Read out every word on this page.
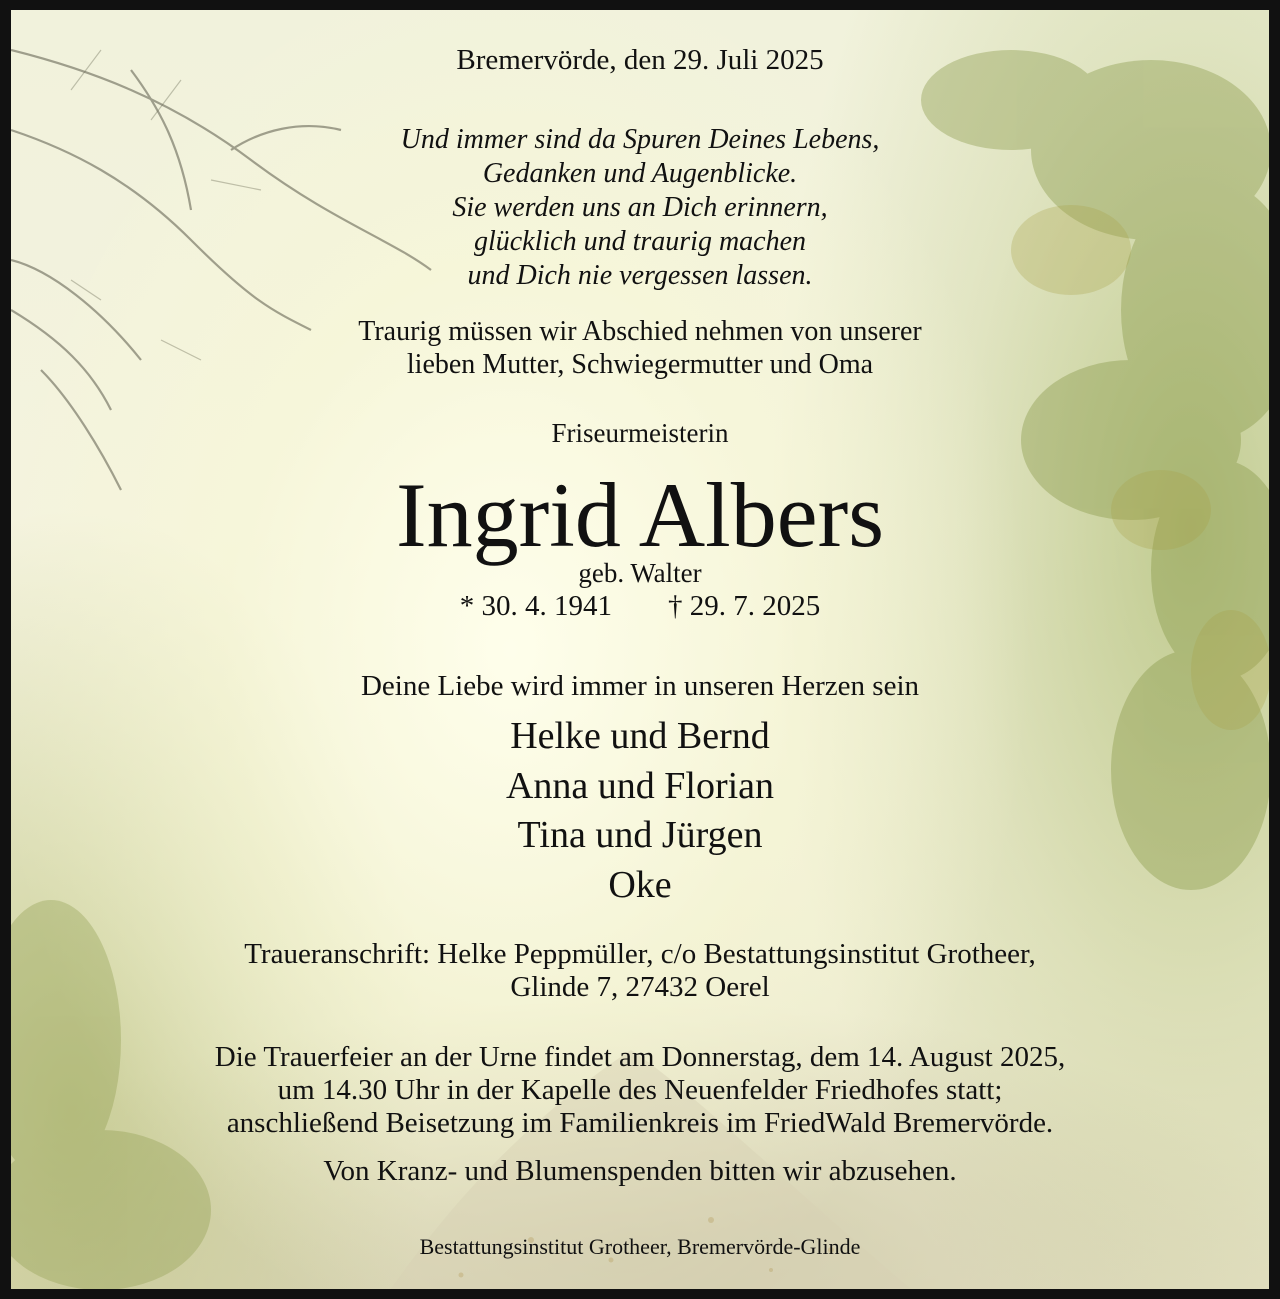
Bremervörde, den 29. Juli 2025
Und immer sind da Spuren Deines Lebens,
Gedanken und Augenblicke.
Sie werden uns an Dich erinnern,
glücklich und traurig machen
und Dich nie vergessen lassen.
Traurig müssen wir Abschied nehmen von unserer
lieben Mutter, Schwiegermutter und Oma
Friseurmeisterin
Ingrid Albers
geb. Walter
* 30. 4. 1941 † 29. 7. 2025
Deine Liebe wird immer in unseren Herzen sein
Helke und Bernd
Anna und Florian
Tina und Jürgen
Oke
Traueranschrift: Helke Peppmüller, c/o Bestattungsinstitut Grotheer,
Glinde 7, 27432 Oerel
Die Trauerfeier an der Urne findet am Donnerstag, dem 14. August 2025,
um 14.30 Uhr in der Kapelle des Neuenfelder Friedhofes statt;
anschließend Beisetzung im Familienkreis im FriedWald Bremervörde.
Von Kranz- und Blumenspenden bitten wir abzusehen.
Bestattungsinstitut Grotheer, Bremervörde-Glinde
